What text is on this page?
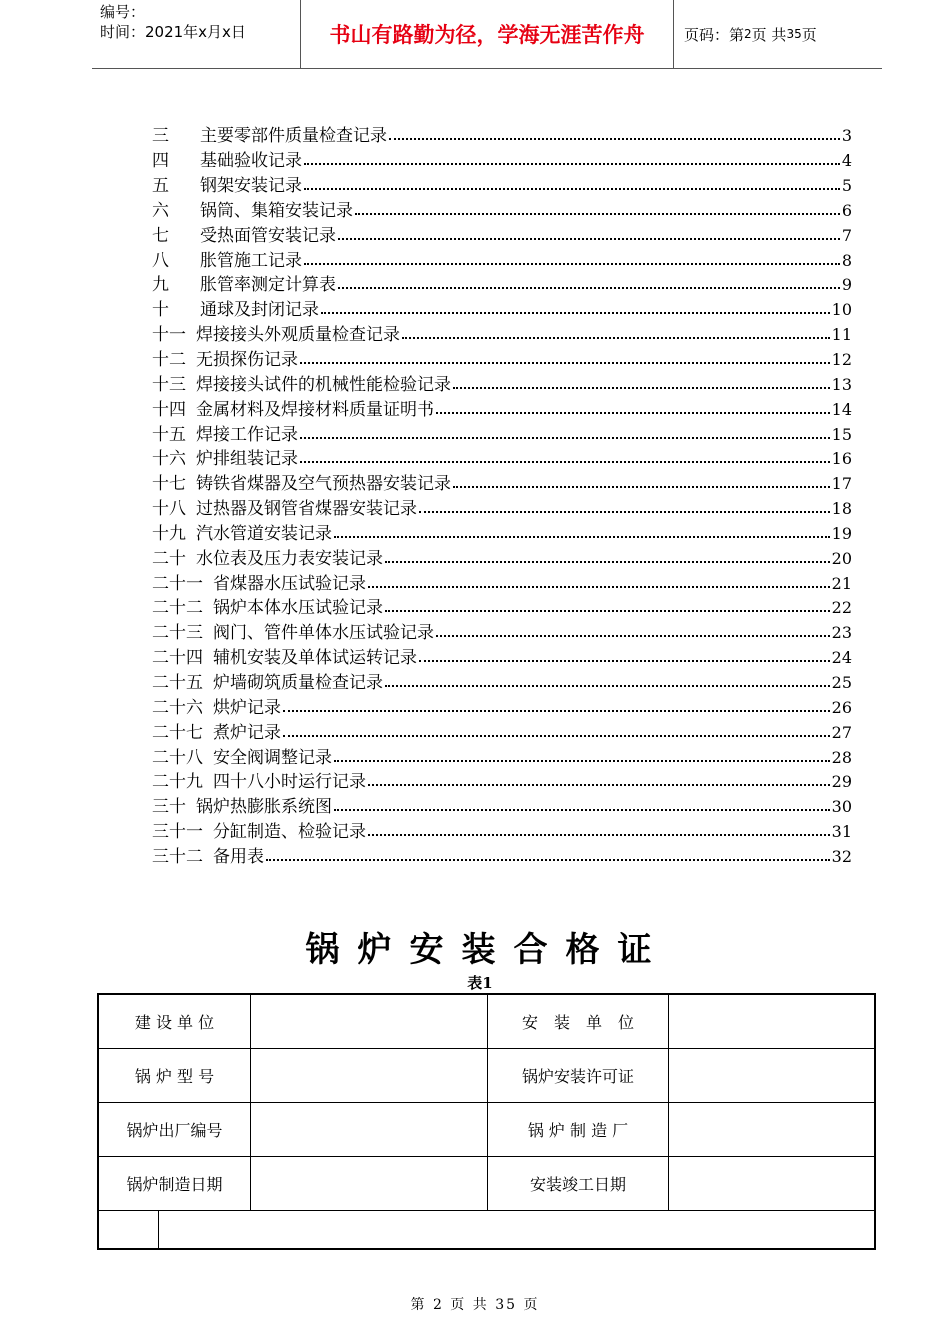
编号：
时间：2021年x月x日	书山有路勤为径，学海无涯苦作舟	页码：第 2 页 共 35 页
三	主要零部件质量检查记录	3
四	基础验收记录	4
五	钢架安装记录	5
六	锅筒、集箱安装记录	6
七	受热面管安装记录	7
八	胀管施工记录	8
九	胀管率测定计算表	9
十	通球及封闭记录	10
十一 焊接接头外观质量检查记录	11
十二 无损探伤记录	12
十三 焊接接头试件的机械性能检验记录	13
十四 金属材料及焊接材料质量证明书	14
十五 焊接工作记录	15
十六 炉排组装记录	16
十七 铸铁省煤器及空气预热器安装记录	17
十八 过热器及钢管省煤器安装记录	18
十九 汽水管道安装记录	19
二十 水位表及压力表安装记录	20
二十一 省煤器水压试验记录	21
二十二 锅炉本体水压试验记录	22
二十三 阀门、管件单体水压试验记录	23
二十四 辅机安装及单体试运转记录	24
二十五 炉墙砌筑质量检查记录	25
二十六 烘炉记录	26
二十七 煮炉记录	27
二十八 安全阀调整记录	28
二十九 四十八小时运行记录	29
三十 锅炉热膨胀系统图	30
三十一 分缸制造、检验记录	31
三十二 备用表	32
锅炉安装合格证
表1
建 设 单 位	安　装　单　位
锅 炉 型 号	锅炉安装许可证
锅炉出厂编号	锅 炉 制 造 厂
锅炉制造日期	安装竣工日期
第 2 页 共 35 页
